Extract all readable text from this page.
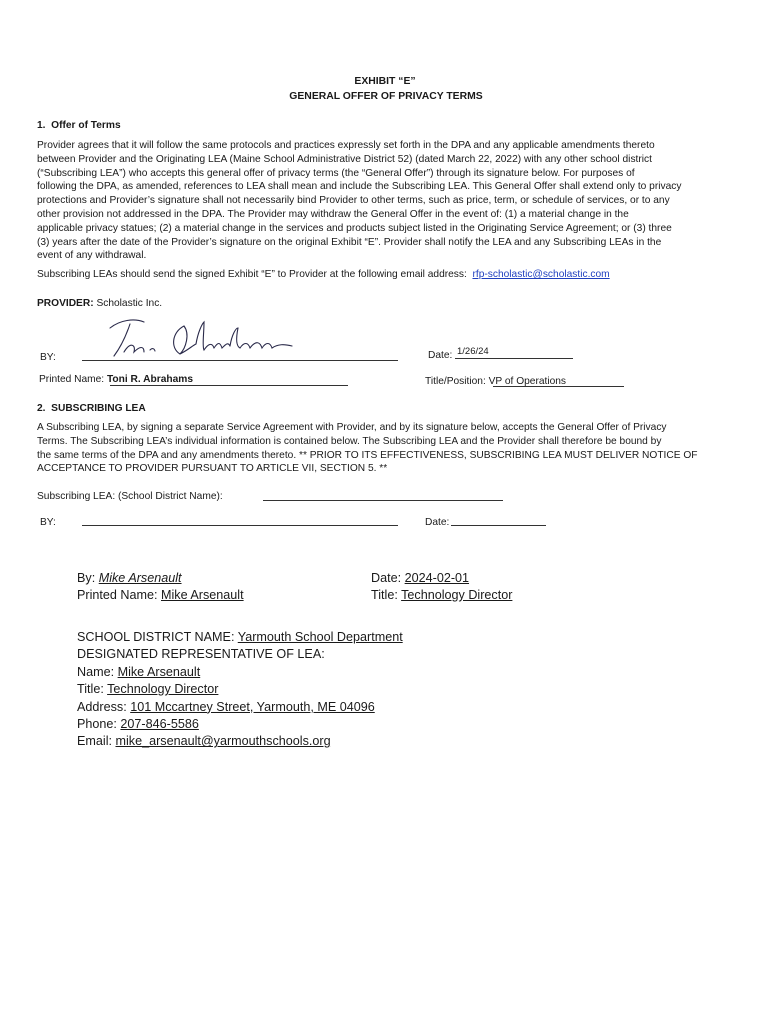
EXHIBIT “E”
GENERAL OFFER OF PRIVACY TERMS
1. Offer of Terms
Provider agrees that it will follow the same protocols and practices expressly set forth in the DPA and any applicable amendments thereto
between Provider and the Originating LEA (Maine School Administrative District 52) (dated March 22, 2022) with any other school district
(“Subscribing LEA”) who accepts this general offer of privacy terms (the “General Offer”) through its signature below. For purposes of
following the DPA, as amended, references to LEA shall mean and include the Subscribing LEA. This General Offer shall extend only to privacy
protections and Provider’s signature shall not necessarily bind Provider to other terms, such as price, term, or schedule of services, or to any
other provision not addressed in the DPA. The Provider may withdraw the General Offer in the event of: (1) a material change in the
applicable privacy statues; (2) a material change in the services and products subject listed in the Originating Service Agreement; or (3) three
(3) years after the date of the Provider’s signature on the original Exhibit “E”. Provider shall notify the LEA and any Subscribing LEAs in the
event of any withdrawal.
Subscribing LEAs should send the signed Exhibit “E” to Provider at the following email address: rfp-scholastic@scholastic.com
PROVIDER: Scholastic Inc.
BY:	Date: 1/26/24
Printed Name: Toni R. Abrahams	Title/Position: VP of Operations
2. SUBSCRIBING LEA
A Subscribing LEA, by signing a separate Service Agreement with Provider, and by its signature below, accepts the General Offer of Privacy
Terms. The Subscribing LEA’s individual information is contained below. The Subscribing LEA and the Provider shall therefore be bound by
the same terms of the DPA and any amendments thereto. ** PRIOR TO ITS EFFECTIVENESS, SUBSCRIBING LEA MUST DELIVER NOTICE OF
ACCEPTANCE TO PROVIDER PURSUANT TO ARTICLE VII, SECTION 5. **
Subscribing LEA: (School District Name):
BY:	Date:
By: Mike Arsenault	Date: 2024-02-01
Printed Name: Mike Arsenault	Title: Technology Director
SCHOOL DISTRICT NAME: Yarmouth School Department
DESIGNATED REPRESENTATIVE OF LEA:
Name: Mike Arsenault
Title: Technology Director
Address: 101 Mccartney Street, Yarmouth, ME 04096
Phone: 207-846-5586
Email: mike_arsenault@yarmouthschools.org
